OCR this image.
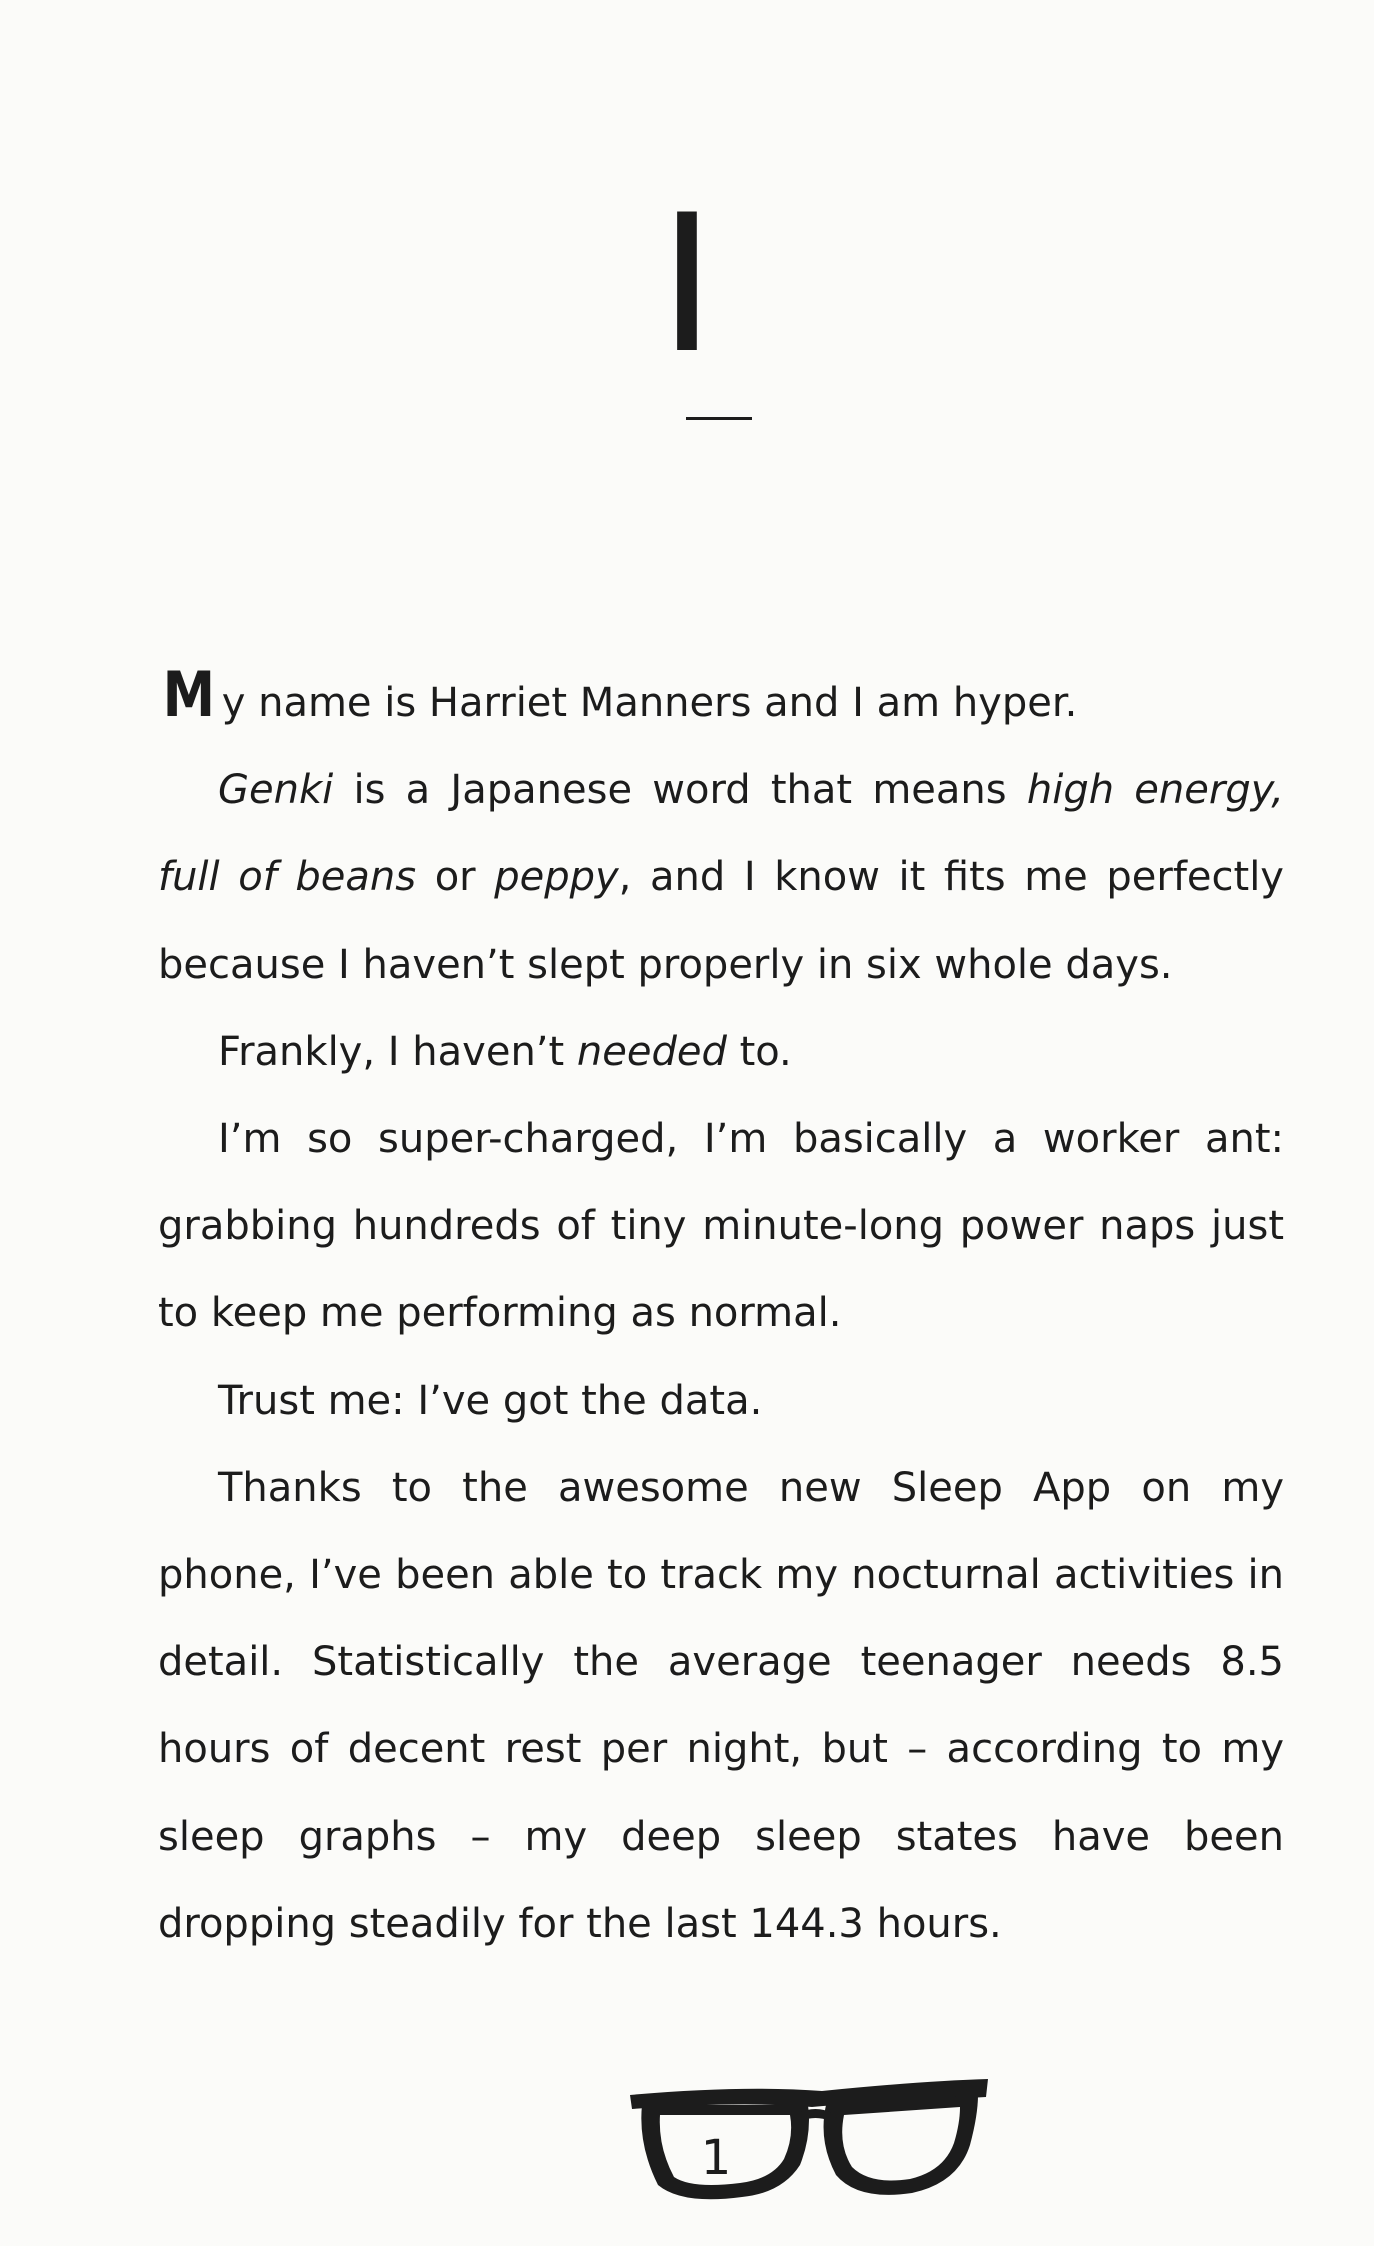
I

My name is Harriet Manners and I am hyper.

Genki is a Japanese word that means high energy, full of beans or peppy, and I know it fits me perfectly because I haven’t slept properly in six whole days.

Frankly, I haven’t needed to.

I’m so super-charged, I’m basically a worker ant: grabbing hundreds of tiny minute-long power naps just to keep me performing as normal.

Trust me: I’ve got the data.

Thanks to the awesome new Sleep App on my phone, I’ve been able to track my nocturnal activities in detail. Statistically the average teenager needs 8.5 hours of decent rest per night, but – according to my sleep graphs – my deep sleep states have been dropping steadily for the last 144.3 hours.

1
